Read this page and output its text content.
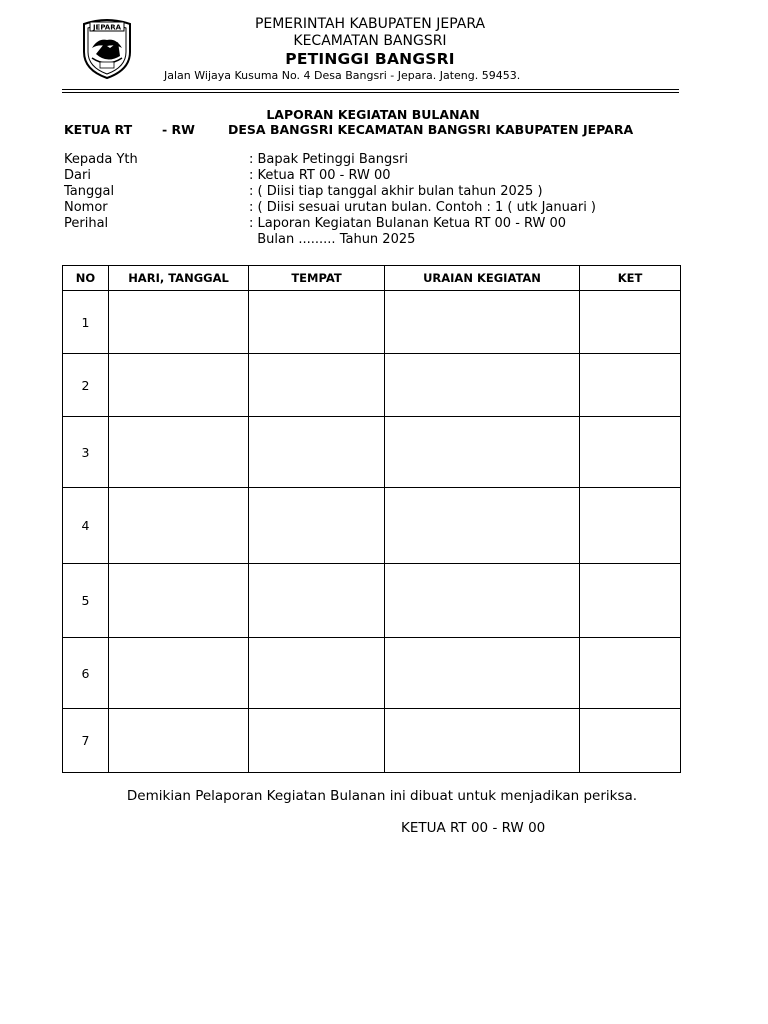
JEPARA	PEMERINTAH KABUPATEN JEPARA
KECAMATAN BANGSRI
PETINGGI BANGSRI
Jalan Wijaya Kusuma No. 4 Desa Bangsri - Jepara. Jateng. 59453.
LAPORAN KEGIATAN BULANAN
KETUA RT - RW	DESA BANGSRI KECAMATAN BANGSRI KABUPATEN JEPARA
Kepada Yth	: Bapak Petinggi Bangsri
Dari	: Ketua RT 00 - RW 00
Tanggal	: ( Diisi tiap tanggal akhir bulan tahun 2025 )
Nomor	: ( Diisi sesuai urutan bulan. Contoh : 1 ( utk Januari )
Perihal	: Laporan Kegiatan Bulanan Ketua RT 00 - RW 00
Bulan ......... Tahun 2025
NO	HARI, TANGGAL	TEMPAT	URAIAN KEGIATAN	KET
1				
2				
3				
4				
5				
6				
7				
Demikian Pelaporan Kegiatan Bulanan ini dibuat untuk menjadikan periksa.
KETUA RT 00 - RW 00
